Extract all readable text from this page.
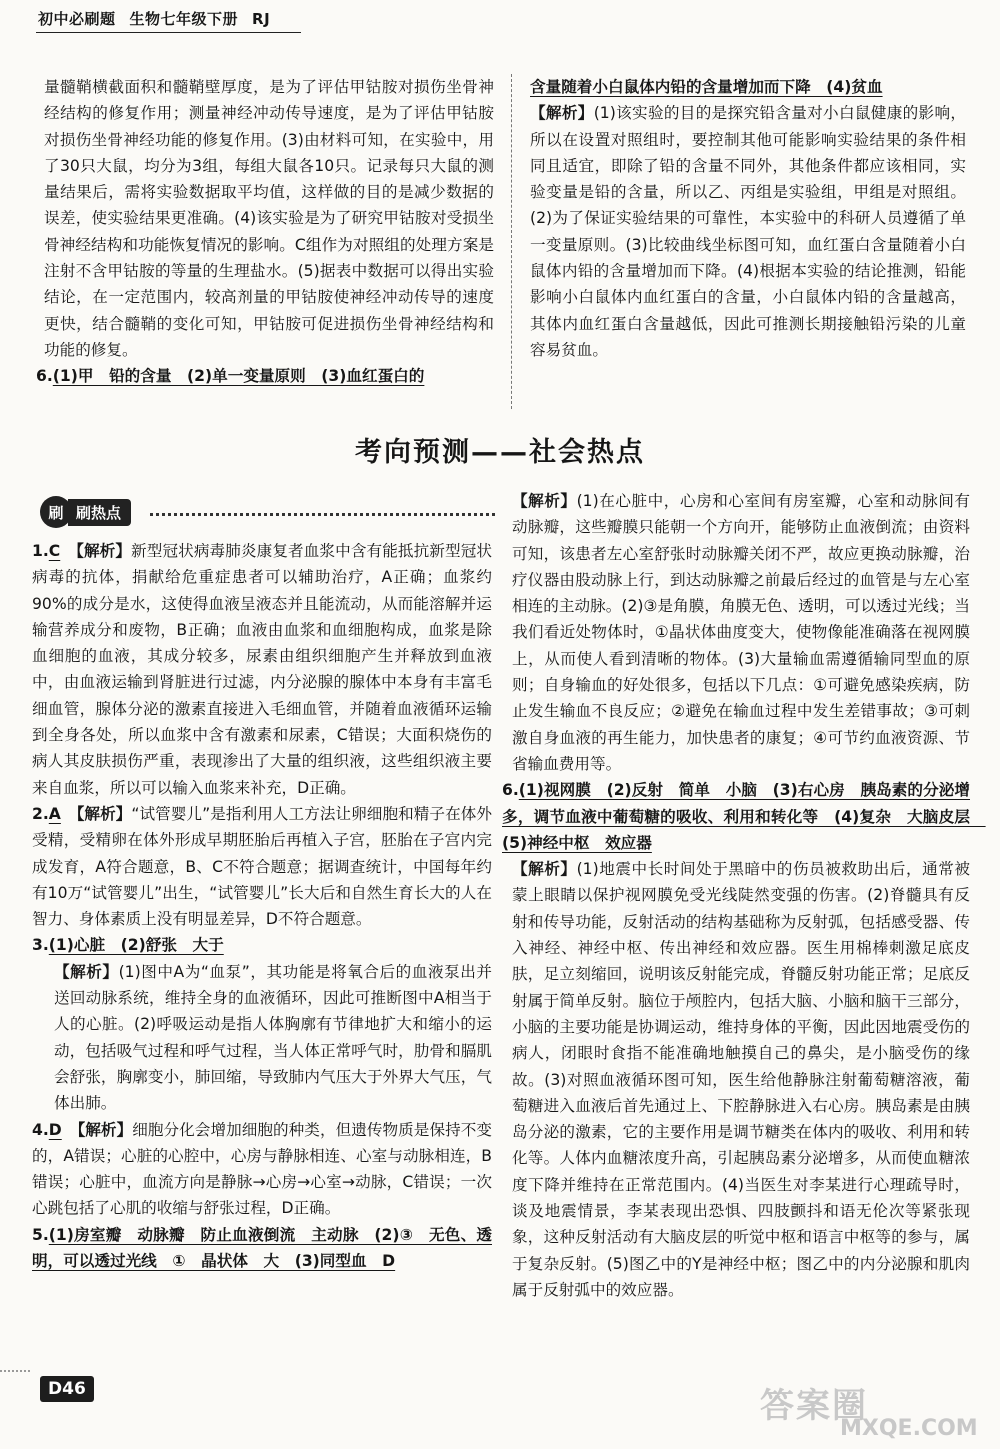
初中必刷题 生物七年级下册 RJ

量髓鞘横截面积和髓鞘壁厚度，是为了评估甲钴胺对损伤坐骨神经结构的修复作用；测量神经冲动传导速度，是为了评估甲钴胺对损伤坐骨神经功能的修复作用。(3)由材料可知，在实验中，用了30只大鼠，均分为3组，每组大鼠各10只。记录每只大鼠的测量结果后，需将实验数据取平均值，这样做的目的是减少数据的误差，使实验结果更准确。(4)该实验是为了研究甲钴胺对受损坐骨神经结构和功能恢复情况的影响。C组作为对照组的处理方案是注射不含甲钴胺的等量的生理盐水。(5)据表中数据可以得出实验结论，在一定范围内，较高剂量的甲钴胺使神经冲动传导的速度更快，结合髓鞘的变化可知，甲钴胺可促进损伤坐骨神经结构和功能的修复。

6.(1)甲　铅的含量　(2)单一变量原则　(3)血红蛋白的

含量随着小白鼠体内铅的含量增加而下降　(4)贫血

【解析】(1)该实验的目的是探究铅含量对小白鼠健康的影响，所以在设置对照组时，要控制其他可能影响实验结果的条件相同且适宜，即除了铅的含量不同外，其他条件都应该相同，实验变量是铅的含量，所以乙、丙组是实验组，甲组是对照组。(2)为了保证实验结果的可靠性，本实验中的科研人员遵循了单一变量原则。(3)比较曲线坐标图可知，血红蛋白含量随着小白鼠体内铅的含量增加而下降。(4)根据本实验的结论推测，铅能影响小白鼠体内血红蛋白的含量，小白鼠体内铅的含量越高，其体内血红蛋白含量越低，因此可推测长期接触铅污染的儿童容易贫血。

考向预测——社会热点
刷 刷热点

1.C　 【解析】新型冠状病毒肺炎康复者血浆中含有能抵抗新型冠状病毒的抗体，捐献给危重症患者可以辅助治疗，A正确；血浆约90%的成分是水，这使得血液呈液态并且能流动，从而能溶解并运输营养成分和废物，B正确；血液由血浆和血细胞构成，血浆是除血细胞的血液，其成分较多，尿素由组织细胞产生并释放到血液中，由血液运输到肾脏进行过滤，内分泌腺的腺体中本身有丰富毛细血管，腺体分泌的激素直接进入毛细血管，并随着血液循环运输到全身各处，所以血浆中含有激素和尿素，C错误；大面积烧伤的病人其皮肤损伤严重，表现渗出了大量的组织液，这些组织液主要来自血浆，所以可以输入血浆来补充，D正确。

2.A　 【解析】“试管婴儿”是指利用人工方法让卵细胞和精子在体外受精，受精卵在体外形成早期胚胎后再植入子宫，胚胎在子宫内完成发育，A符合题意，B、C不符合题意；据调查统计，中国每年约有10万“试管婴儿”出生，“试管婴儿”长大后和自然生育长大的人在智力、身体素质上没有明显差异，D不符合题意。

3.(1)心脏　(2)舒张　大于

【解析】(1)图中A为“血泵”，其功能是将氧合后的血液泵出并送回动脉系统，维持全身的血液循环，因此可推断图中A相当于人的心脏。(2)呼吸运动是指人体胸廓有节律地扩大和缩小的运动，包括吸气过程和呼气过程，当人体正常呼气时，肋骨和膈肌会舒张，胸廓变小，肺回缩，导致肺内气压大于外界大气压，气体出肺。

4.D　 【解析】细胞分化会增加细胞的种类，但遗传物质是保持不变的，A错误；心脏的心腔中，心房与静脉相连、心室与动脉相连，B错误；心脏中，血流方向是静脉→心房→心室→动脉，C错误；一次心跳包括了心肌的收缩与舒张过程，D正确。

5.(1)房室瓣　动脉瓣　防止血液倒流　主动脉　(2)③　无色、透明，可以透过光线　①　晶状体　大　(3)同型血　D

【解析】(1)在心脏中，心房和心室间有房室瓣，心室和动脉间有动脉瓣，这些瓣膜只能朝一个方向开，能够防止血液倒流；由资料可知，该患者左心室舒张时动脉瓣关闭不严，故应更换动脉瓣，治疗仪器由股动脉上行，到达动脉瓣之前最后经过的血管是与左心室相连的主动脉。(2)③是角膜，角膜无色、透明，可以透过光线；当我们看近处物体时，①晶状体曲度变大，使物像能准确落在视网膜上，从而使人看到清晰的物体。(3)大量输血需遵循输同型血的原则；自身输血的好处很多，包括以下几点：①可避免感染疾病，防止发生输血不良反应；②避免在输血过程中发生差错事故；③可刺激自身血液的再生能力，加快患者的康复；④可节约血液资源、节省输血费用等。

6.(1)视网膜　(2)反射　简单　小脑　(3)右心房　胰岛素的分泌增多，调节血液中葡萄糖的吸收、利用和转化等　(4)复杂　大脑皮层　(5)神经中枢　效应器

【解析】(1)地震中长时间处于黑暗中的伤员被救助出后，通常被蒙上眼睛以保护视网膜免受光线陡然变强的伤害。(2)脊髓具有反射和传导功能，反射活动的结构基础称为反射弧，包括感受器、传入神经、神经中枢、传出神经和效应器。医生用棉棒刺激足底皮肤，足立刻缩回，说明该反射能完成，脊髓反射功能正常；足底反射属于简单反射。脑位于颅腔内，包括大脑、小脑和脑干三部分，小脑的主要功能是协调运动，维持身体的平衡，因此因地震受伤的病人，闭眼时食指不能准确地触摸自己的鼻尖，是小脑受伤的缘故。(3)对照血液循环图可知，医生给他静脉注射葡萄糖溶液，葡萄糖进入血液后首先通过上、下腔静脉进入右心房。胰岛素是由胰岛分泌的激素，它的主要作用是调节糖类在体内的吸收、利用和转化等。人体内血糖浓度升高，引起胰岛素分泌增多，从而使血糖浓度下降并维持在正常范围内。(4)当医生对李某进行心理疏导时，谈及地震情景，李某表现出恐惧、四肢颤抖和语无伦次等紧张现象，这种反射活动有大脑皮层的听觉中枢和语言中枢等的参与，属于复杂反射。(5)图乙中的Y是神经中枢；图乙中的内分泌腺和肌肉属于反射弧中的效应器。

D46	答案圈
MXQE.COM
